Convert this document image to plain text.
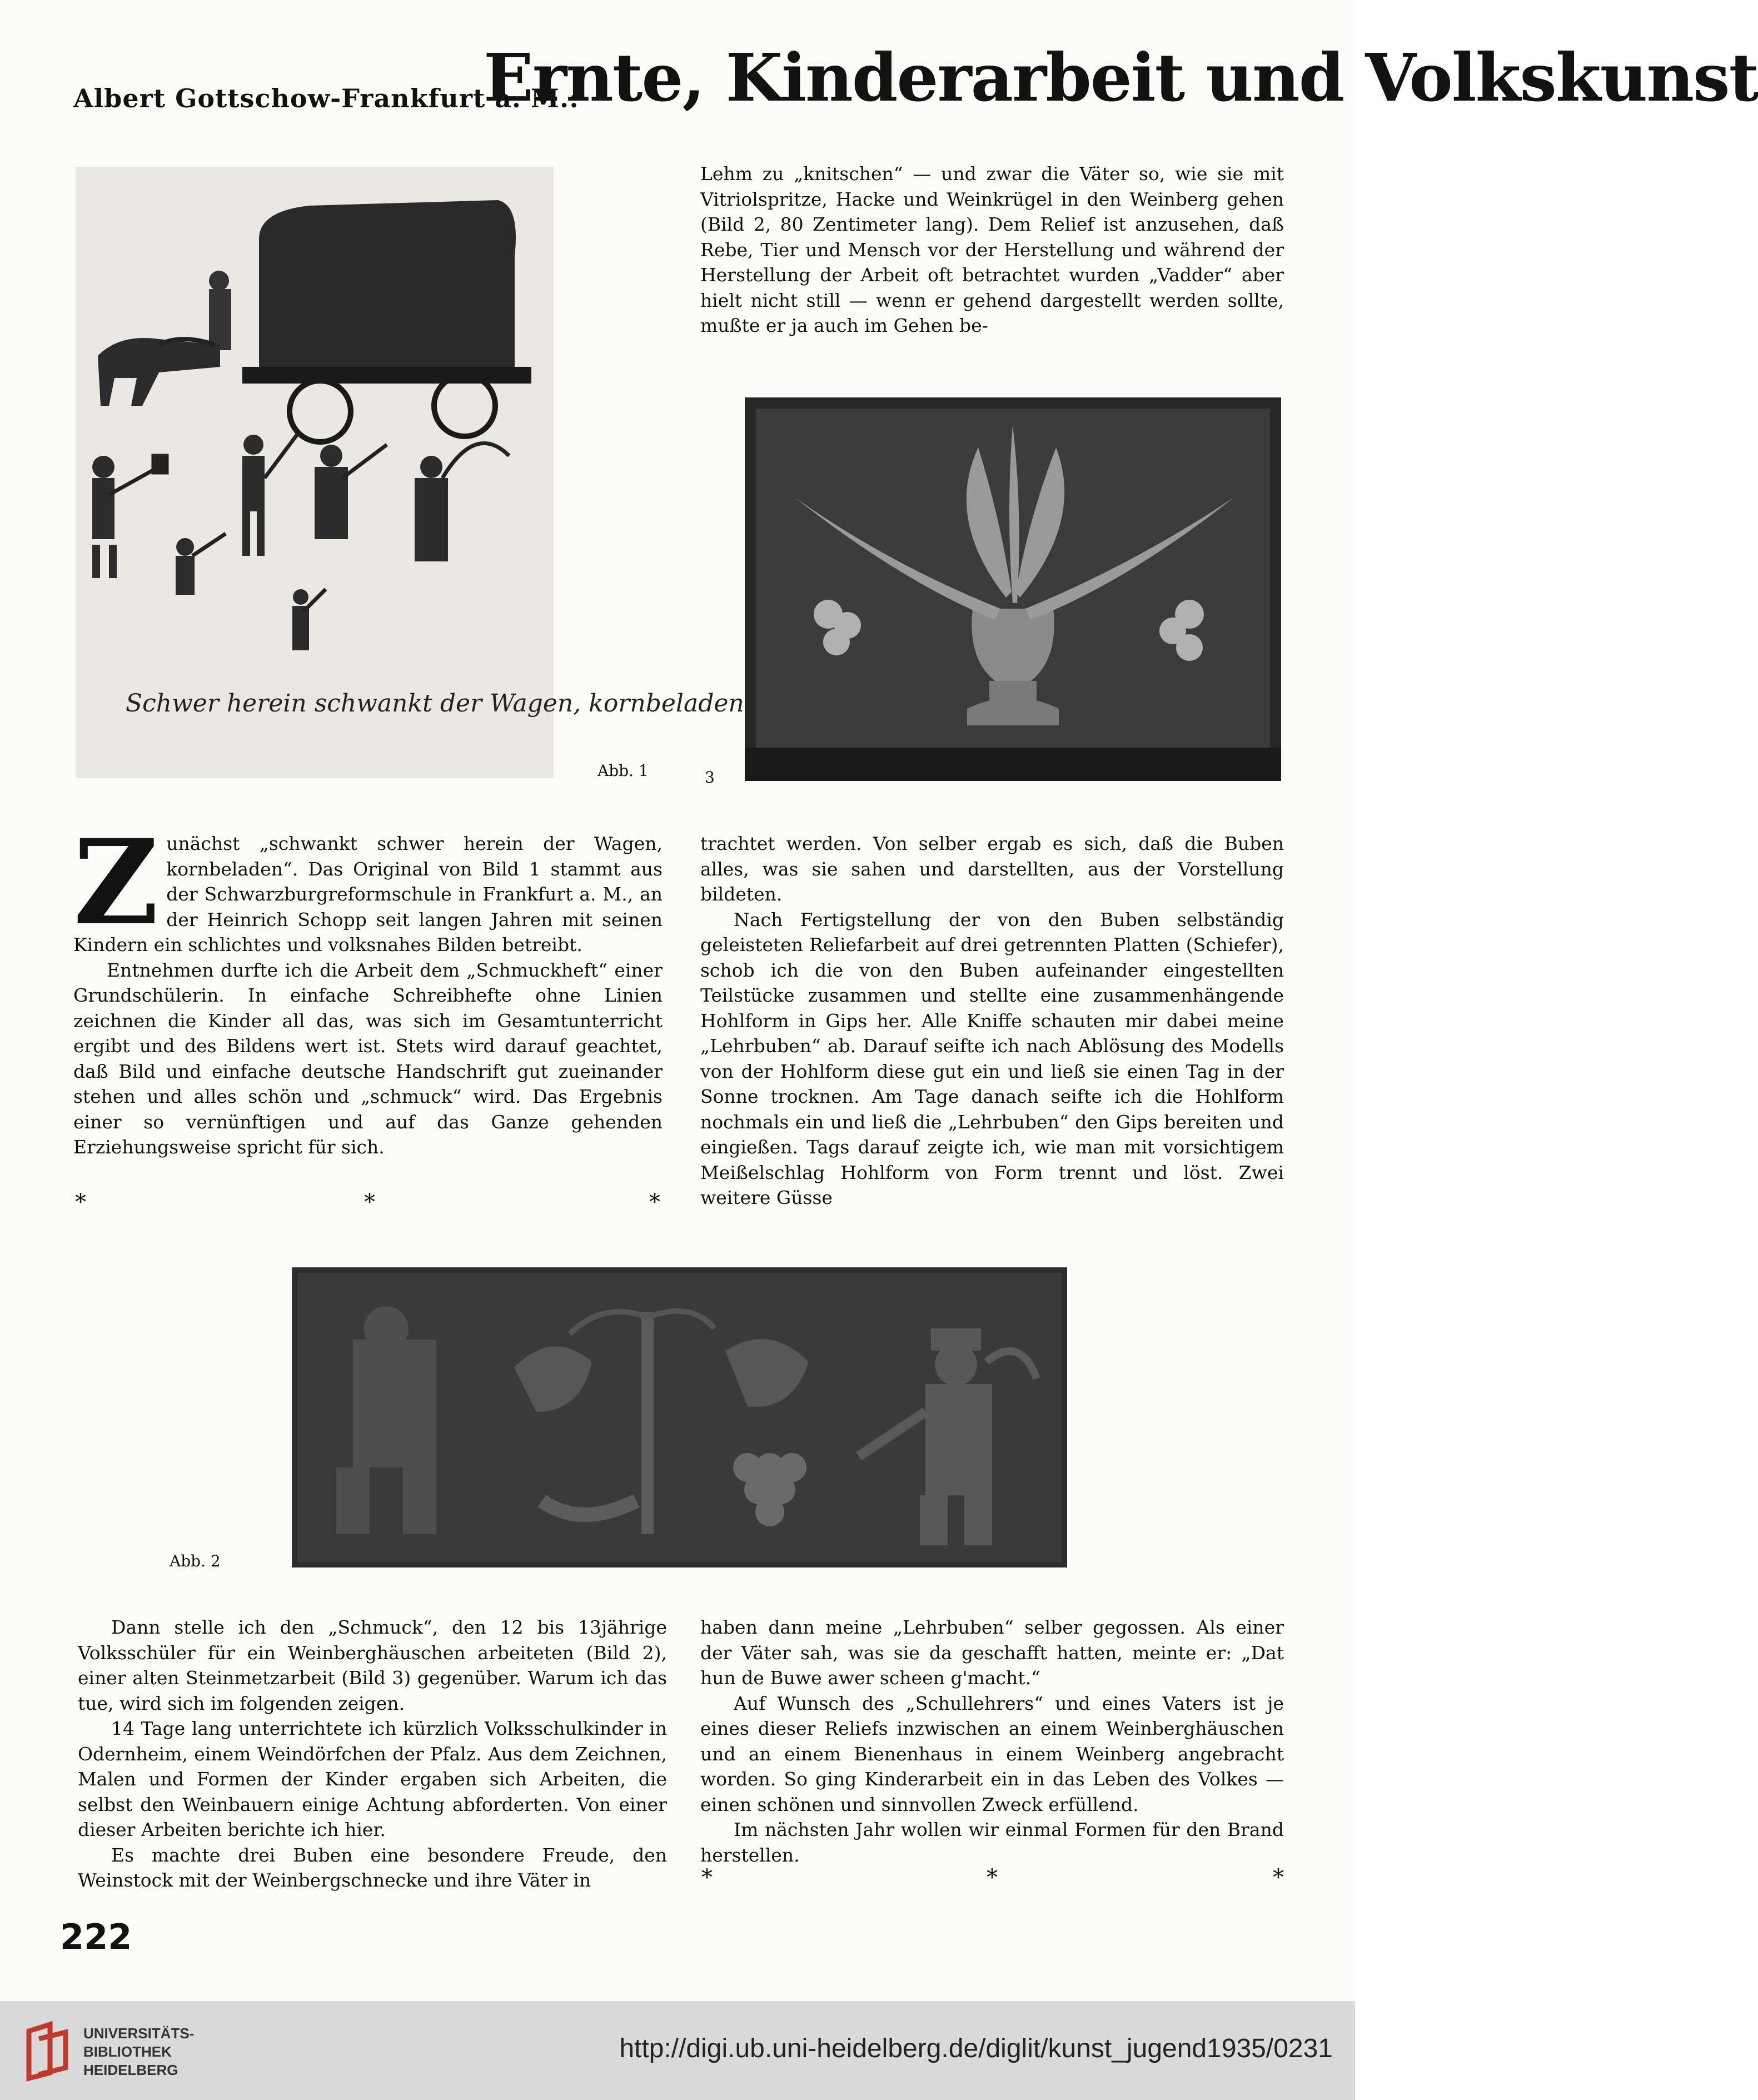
Albert Gottschow-Frankfurt a. M.:
Ernte, Kinderarbeit und Volkskunst
Schwer herein schwankt der Wagen, kornbeladen
Abb. 1

Lehm zu „knitschen“ — und zwar die Väter so, wie sie mit Vitriolspritze, Hacke und Weinkrügel in den Weinberg gehen (Bild 2, 80 Zentimeter lang). Dem Relief ist anzusehen, daß Rebe, Tier und Mensch vor der Herstellung und während der Herstellung der Arbeit oft betrachtet wurden „Vadder“ aber hielt nicht still — wenn er gehend dargestellt werden sollte, mußte er ja auch im Gehen be-

3

Zunächst „schwankt schwer herein der Wagen, kornbeladen“. Das Original von Bild 1 stammt aus der Schwarzburgreformschule in Frankfurt a. M., an der Heinrich Schopp seit langen Jahren mit seinen Kindern ein schlichtes und volksnahes Bilden betreibt.

Entnehmen durfte ich die Arbeit dem „Schmuckheft“ einer Grundschülerin. In einfache Schreibhefte ohne Linien zeichnen die Kinder all das, was sich im Gesamtunterricht ergibt und des Bildens wert ist. Stets wird darauf geachtet, daß Bild und einfache deutsche Handschrift gut zueinander stehen und alles schön und „schmuck“ wird. Das Ergebnis einer so vernünftigen und auf das Ganze gehenden Erziehungsweise spricht für sich.

*	*	*

trachtet werden. Von selber ergab es sich, daß die Buben alles, was sie sahen und darstellten, aus der Vorstellung bildeten.

Nach Fertigstellung der von den Buben selbständig geleisteten Reliefarbeit auf drei getrennten Platten (Schiefer), schob ich die von den Buben aufeinander eingestellten Teilstücke zusammen und stellte eine zusammenhängende Hohlform in Gips her. Alle Kniffe schauten mir dabei meine „Lehrbuben“ ab. Darauf seifte ich nach Ablösung des Modells von der Hohlform diese gut ein und ließ sie einen Tag in der Sonne trocknen. Am Tage danach seifte ich die Hohlform nochmals ein und ließ die „Lehrbuben“ den Gips bereiten und eingießen. Tags darauf zeigte ich, wie man mit vorsichtigem Meißelschlag Hohlform von Form trennt und löst. Zwei weitere Güsse

Abb. 2

Dann stelle ich den „Schmuck“, den 12 bis 13jährige Volksschüler für ein Weinberghäuschen arbeiteten (Bild 2), einer alten Steinmetzarbeit (Bild 3) gegenüber. Warum ich das tue, wird sich im folgenden zeigen.

14 Tage lang unterrichtete ich kürzlich Volksschulkinder in Odernheim, einem Weindörfchen der Pfalz. Aus dem Zeichnen, Malen und Formen der Kinder ergaben sich Arbeiten, die selbst den Weinbauern einige Achtung abforderten. Von einer dieser Arbeiten berichte ich hier.

Es machte drei Buben eine besondere Freude, den Weinstock mit der Weinbergschnecke und ihre Väter in

haben dann meine „Lehrbuben“ selber gegossen. Als einer der Väter sah, was sie da geschafft hatten, meinte er: „Dat hun de Buwe awer scheen g'macht.“

Auf Wunsch des „Schullehrers“ und eines Vaters ist je eines dieser Reliefs inzwischen an einem Weinberghäuschen und an einem Bienenhaus in einem Weinberg angebracht worden. So ging Kinderarbeit ein in das Leben des Volkes — einen schönen und sinnvollen Zweck erfüllend.

Im nächsten Jahr wollen wir einmal Formen für den Brand herstellen.

*	*	*
222
UNIVERSITÄTS-
BIBLIOTHEK
HEIDELBERG
http://digi.ub.uni-heidelberg.de/diglit/kunst_jugend1935/0231
